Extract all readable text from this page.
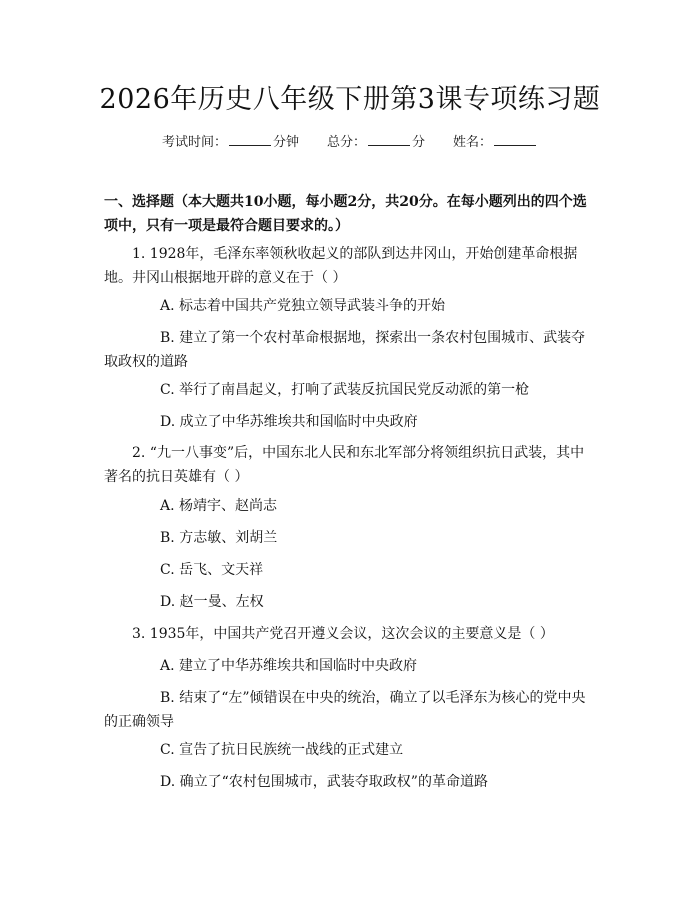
2026年历史八年级下册第3课专项练习题
考试时间：	分钟 总分：	分 姓名：
一、选择题（本大题共10小题，每小题2分，共20分。在每小题列出的四个选项中，只有一项是最符合题目要求的。）
1. 1928年，毛泽东率领秋收起义的部队到达井冈山，开始创建革命根据地。井冈山根据地开辟的意义在于（ ）
A. 标志着中国共产党独立领导武装斗争的开始
B. 建立了第一个农村革命根据地，探索出一条农村包围城市、武装夺取政权的道路
C. 举行了南昌起义，打响了武装反抗国民党反动派的第一枪
D. 成立了中华苏维埃共和国临时中央政府
2. “九一八事变”后，中国东北人民和东北军部分将领组织抗日武装，其中著名的抗日英雄有（ ）
A. 杨靖宇、赵尚志
B. 方志敏、刘胡兰
C. 岳飞、文天祥
D. 赵一曼、左权
3. 1935年，中国共产党召开遵义会议，这次会议的主要意义是（ ）
A. 建立了中华苏维埃共和国临时中央政府
B. 结束了“左”倾错误在中央的统治，确立了以毛泽东为核心的党中央的正确领导
C. 宣告了抗日民族统一战线的正式建立
D. 确立了“农村包围城市，武装夺取政权”的革命道路
